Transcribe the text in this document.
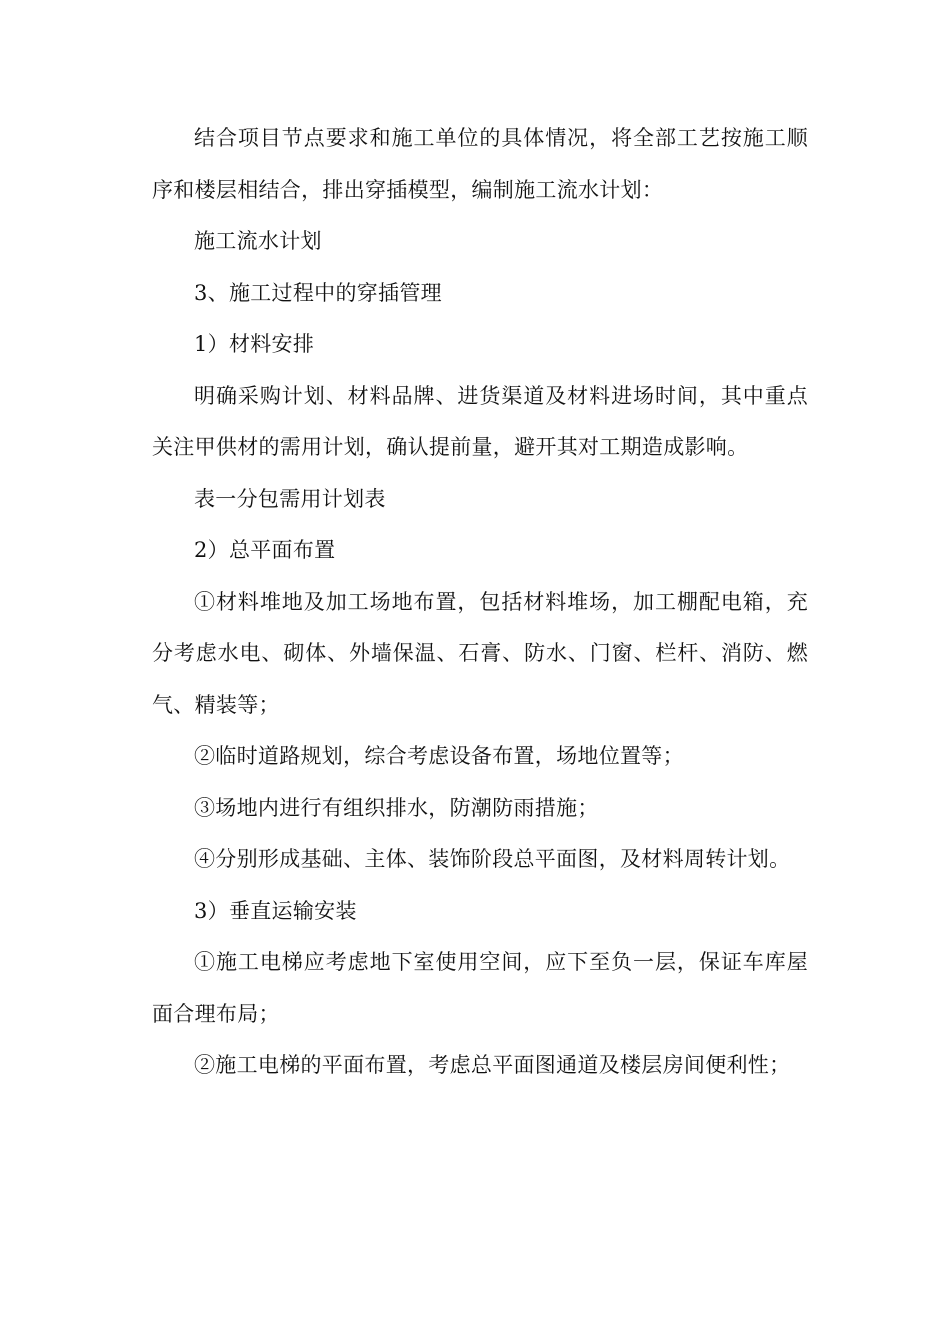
结合项目节点要求和施工单位的具体情况，将全部工艺按施工顺序和楼层相结合，排出穿插模型，编制施工流水计划：

施工流水计划

3、施工过程中的穿插管理

1）材料安排

明确采购计划、材料品牌、进货渠道及材料进场时间，其中重点关注甲供材的需用计划，确认提前量，避开其对工期造成影响。

表一分包需用计划表

2）总平面布置

①材料堆地及加工场地布置，包括材料堆场，加工棚配电箱，充分考虑水电、砌体、外墙保温、石膏、防水、门窗、栏杆、消防、燃气、精装等；

②临时道路规划，综合考虑设备布置，场地位置等；

③场地内进行有组织排水，防潮防雨措施；

④分别形成基础、主体、装饰阶段总平面图，及材料周转计划。

3）垂直运输安装

①施工电梯应考虑地下室使用空间，应下至负一层，保证车库屋面合理布局；

②施工电梯的平面布置，考虑总平面图通道及楼层房间便利性；
